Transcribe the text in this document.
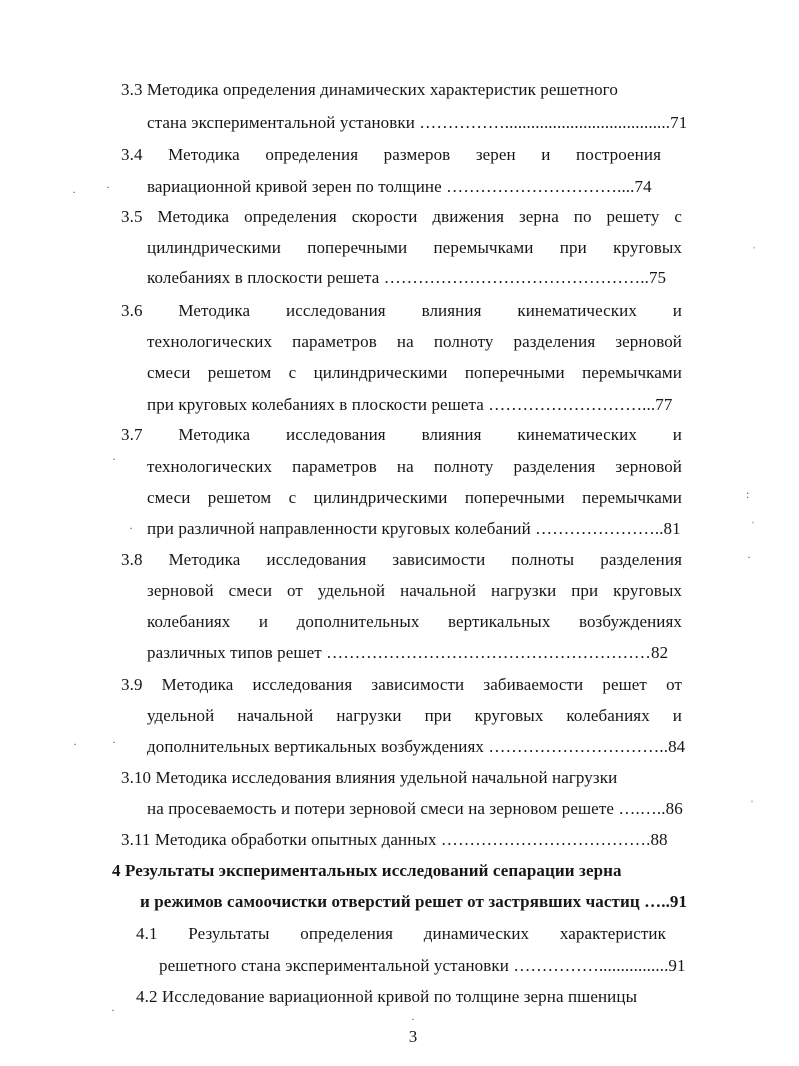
3.3 Методика определения динамических характеристик решетного
стана экспериментальной установки ……………......................................71
3.4 Методика определения размеров зерен и построения
вариационной кривой зерен по толщине …………………………....74
3.5 Методика определения скорости движения зерна по решету с
цилиндрическими поперечными перемычками при круговых
колебаниях в плоскости решета ………………………………………..75
3.6 Методика исследования влияния кинематических и
технологических параметров на полноту разделения зерновой
смеси решетом с цилиндрическими поперечными перемычками
при круговых колебаниях в плоскости решета ………………………...77
3.7 Методика исследования влияния кинематических и
технологических параметров на полноту разделения зерновой
смеси решетом с цилиндрическими поперечными перемычками
при различной направленности круговых колебаний …………………..81
3.8 Методика исследования зависимости полноты разделения
зерновой смеси от удельной начальной нагрузки при круговых
колебаниях и дополнительных вертикальных возбуждениях
различных типов решет …………………………………………………82
3.9 Методика исследования зависимости забиваемости решет от
удельной начальной нагрузки при круговых колебаниях и
дополнительных вертикальных возбуждениях …………………………..84
3.10 Методика исследования влияния удельной начальной нагрузки
на просеваемость и потери зерновой смеси на зерновом решете ….…..86
3.11 Методика обработки опытных данных ……………………………….88
4 Результаты экспериментальных исследований сепарации зерна
и режимов самоочистки отверстий решет от застрявших частиц …..91
4.1 Результаты определения динамических характеристик
решетного стана экспериментальной установки ……………................91
4.2 Исследование вариационной кривой по толщине зерна пшеницы
3
·
·
ˌ
·
:
ˌ
·
·
·
·
ˌ
·
·
